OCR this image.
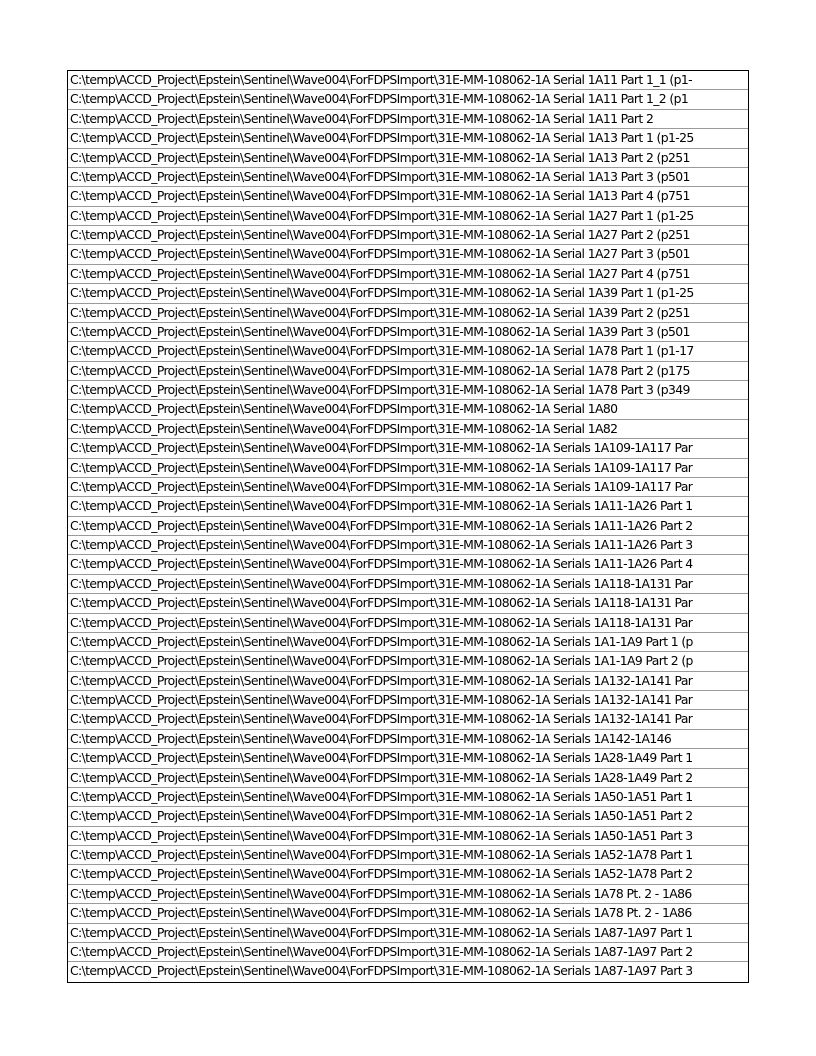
C:\temp\ACCD_Project\Epstein\Sentinel\Wave004\ForFDPSImport\31E-MM-108062-1A Serial 1A11 Part 1_1 (p1-
C:\temp\ACCD_Project\Epstein\Sentinel\Wave004\ForFDPSImport\31E-MM-108062-1A Serial 1A11 Part 1_2 (p1
C:\temp\ACCD_Project\Epstein\Sentinel\Wave004\ForFDPSImport\31E-MM-108062-1A Serial 1A11 Part 2
C:\temp\ACCD_Project\Epstein\Sentinel\Wave004\ForFDPSImport\31E-MM-108062-1A Serial 1A13 Part 1 (p1-25
C:\temp\ACCD_Project\Epstein\Sentinel\Wave004\ForFDPSImport\31E-MM-108062-1A Serial 1A13 Part 2 (p251
C:\temp\ACCD_Project\Epstein\Sentinel\Wave004\ForFDPSImport\31E-MM-108062-1A Serial 1A13 Part 3 (p501
C:\temp\ACCD_Project\Epstein\Sentinel\Wave004\ForFDPSImport\31E-MM-108062-1A Serial 1A13 Part 4 (p751
C:\temp\ACCD_Project\Epstein\Sentinel\Wave004\ForFDPSImport\31E-MM-108062-1A Serial 1A27 Part 1 (p1-25
C:\temp\ACCD_Project\Epstein\Sentinel\Wave004\ForFDPSImport\31E-MM-108062-1A Serial 1A27 Part 2 (p251
C:\temp\ACCD_Project\Epstein\Sentinel\Wave004\ForFDPSImport\31E-MM-108062-1A Serial 1A27 Part 3 (p501
C:\temp\ACCD_Project\Epstein\Sentinel\Wave004\ForFDPSImport\31E-MM-108062-1A Serial 1A27 Part 4 (p751
C:\temp\ACCD_Project\Epstein\Sentinel\Wave004\ForFDPSImport\31E-MM-108062-1A Serial 1A39 Part 1 (p1-25
C:\temp\ACCD_Project\Epstein\Sentinel\Wave004\ForFDPSImport\31E-MM-108062-1A Serial 1A39 Part 2 (p251
C:\temp\ACCD_Project\Epstein\Sentinel\Wave004\ForFDPSImport\31E-MM-108062-1A Serial 1A39 Part 3 (p501
C:\temp\ACCD_Project\Epstein\Sentinel\Wave004\ForFDPSImport\31E-MM-108062-1A Serial 1A78 Part 1 (p1-17
C:\temp\ACCD_Project\Epstein\Sentinel\Wave004\ForFDPSImport\31E-MM-108062-1A Serial 1A78 Part 2 (p175
C:\temp\ACCD_Project\Epstein\Sentinel\Wave004\ForFDPSImport\31E-MM-108062-1A Serial 1A78 Part 3 (p349
C:\temp\ACCD_Project\Epstein\Sentinel\Wave004\ForFDPSImport\31E-MM-108062-1A Serial 1A80
C:\temp\ACCD_Project\Epstein\Sentinel\Wave004\ForFDPSImport\31E-MM-108062-1A Serial 1A82
C:\temp\ACCD_Project\Epstein\Sentinel\Wave004\ForFDPSImport\31E-MM-108062-1A Serials 1A109-1A117 Par
C:\temp\ACCD_Project\Epstein\Sentinel\Wave004\ForFDPSImport\31E-MM-108062-1A Serials 1A109-1A117 Par
C:\temp\ACCD_Project\Epstein\Sentinel\Wave004\ForFDPSImport\31E-MM-108062-1A Serials 1A109-1A117 Par
C:\temp\ACCD_Project\Epstein\Sentinel\Wave004\ForFDPSImport\31E-MM-108062-1A Serials 1A11-1A26 Part 1
C:\temp\ACCD_Project\Epstein\Sentinel\Wave004\ForFDPSImport\31E-MM-108062-1A Serials 1A11-1A26 Part 2
C:\temp\ACCD_Project\Epstein\Sentinel\Wave004\ForFDPSImport\31E-MM-108062-1A Serials 1A11-1A26 Part 3
C:\temp\ACCD_Project\Epstein\Sentinel\Wave004\ForFDPSImport\31E-MM-108062-1A Serials 1A11-1A26 Part 4
C:\temp\ACCD_Project\Epstein\Sentinel\Wave004\ForFDPSImport\31E-MM-108062-1A Serials 1A118-1A131 Par
C:\temp\ACCD_Project\Epstein\Sentinel\Wave004\ForFDPSImport\31E-MM-108062-1A Serials 1A118-1A131 Par
C:\temp\ACCD_Project\Epstein\Sentinel\Wave004\ForFDPSImport\31E-MM-108062-1A Serials 1A118-1A131 Par
C:\temp\ACCD_Project\Epstein\Sentinel\Wave004\ForFDPSImport\31E-MM-108062-1A Serials 1A1-1A9 Part 1 (p
C:\temp\ACCD_Project\Epstein\Sentinel\Wave004\ForFDPSImport\31E-MM-108062-1A Serials 1A1-1A9 Part 2 (p
C:\temp\ACCD_Project\Epstein\Sentinel\Wave004\ForFDPSImport\31E-MM-108062-1A Serials 1A132-1A141 Par
C:\temp\ACCD_Project\Epstein\Sentinel\Wave004\ForFDPSImport\31E-MM-108062-1A Serials 1A132-1A141 Par
C:\temp\ACCD_Project\Epstein\Sentinel\Wave004\ForFDPSImport\31E-MM-108062-1A Serials 1A132-1A141 Par
C:\temp\ACCD_Project\Epstein\Sentinel\Wave004\ForFDPSImport\31E-MM-108062-1A Serials 1A142-1A146
C:\temp\ACCD_Project\Epstein\Sentinel\Wave004\ForFDPSImport\31E-MM-108062-1A Serials 1A28-1A49 Part 1
C:\temp\ACCD_Project\Epstein\Sentinel\Wave004\ForFDPSImport\31E-MM-108062-1A Serials 1A28-1A49 Part 2
C:\temp\ACCD_Project\Epstein\Sentinel\Wave004\ForFDPSImport\31E-MM-108062-1A Serials 1A50-1A51 Part 1
C:\temp\ACCD_Project\Epstein\Sentinel\Wave004\ForFDPSImport\31E-MM-108062-1A Serials 1A50-1A51 Part 2
C:\temp\ACCD_Project\Epstein\Sentinel\Wave004\ForFDPSImport\31E-MM-108062-1A Serials 1A50-1A51 Part 3
C:\temp\ACCD_Project\Epstein\Sentinel\Wave004\ForFDPSImport\31E-MM-108062-1A Serials 1A52-1A78 Part 1
C:\temp\ACCD_Project\Epstein\Sentinel\Wave004\ForFDPSImport\31E-MM-108062-1A Serials 1A52-1A78 Part 2
C:\temp\ACCD_Project\Epstein\Sentinel\Wave004\ForFDPSImport\31E-MM-108062-1A Serials 1A78 Pt. 2 - 1A86
C:\temp\ACCD_Project\Epstein\Sentinel\Wave004\ForFDPSImport\31E-MM-108062-1A Serials 1A78 Pt. 2 - 1A86
C:\temp\ACCD_Project\Epstein\Sentinel\Wave004\ForFDPSImport\31E-MM-108062-1A Serials 1A87-1A97 Part 1
C:\temp\ACCD_Project\Epstein\Sentinel\Wave004\ForFDPSImport\31E-MM-108062-1A Serials 1A87-1A97 Part 2
C:\temp\ACCD_Project\Epstein\Sentinel\Wave004\ForFDPSImport\31E-MM-108062-1A Serials 1A87-1A97 Part 3
